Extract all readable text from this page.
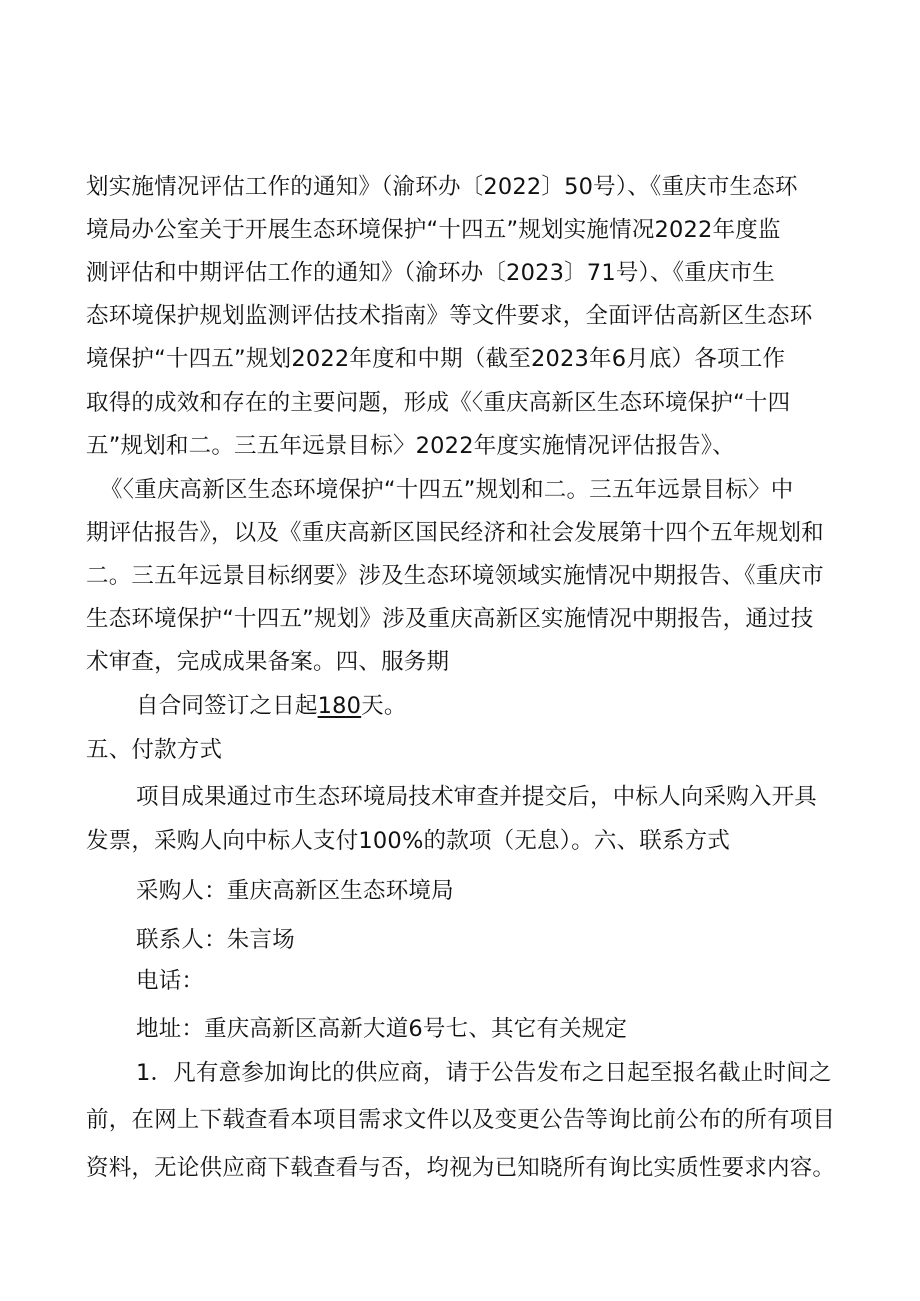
划实施情况评估工作的通知》（渝环办〔2022〕50号）、《重庆市生态环
境局办公室关于开展生态环境保护“十四五”规划实施情况2022年度监
测评估和中期评估工作的通知》（渝环办〔2023〕71号）、《重庆市生
态环境保护规划监测评估技术指南》等文件要求，全面评估高新区生态环
境保护“十四五”规划2022年度和中期（截至2023年6月底）各项工作
取得的成效和存在的主要问题，形成《〈重庆高新区生态环境保护“十四
五”规划和二。三五年远景目标〉2022年度实施情况评估报告》、
《〈重庆高新区生态环境保护“十四五”规划和二。三五年远景目标〉中
期评估报告》，以及《重庆高新区国民经济和社会发展第十四个五年规划和
二。三五年远景目标纲要》涉及生态环境领域实施情况中期报告、《重庆市
生态环境保护“十四五”规划》涉及重庆高新区实施情况中期报告，通过技
术审查，完成成果备案。四、服务期
自合同签订之日起180天。
五、付款方式
项目成果通过市生态环境局技术审查并提交后，中标人向采购入开具
发票，采购人向中标人支付100%的款项（无息）。六、联系方式
采购人：重庆高新区生态环境局
联系人：朱言场
电话：
地址：重庆高新区高新大道6号七、其它有关规定
1．凡有意参加询比的供应商，请于公告发布之日起至报名截止时间之
前，在网上下载查看本项目需求文件以及变更公告等询比前公布的所有项目
资料，无论供应商下载查看与否，均视为已知晓所有询比实质性要求内容。
